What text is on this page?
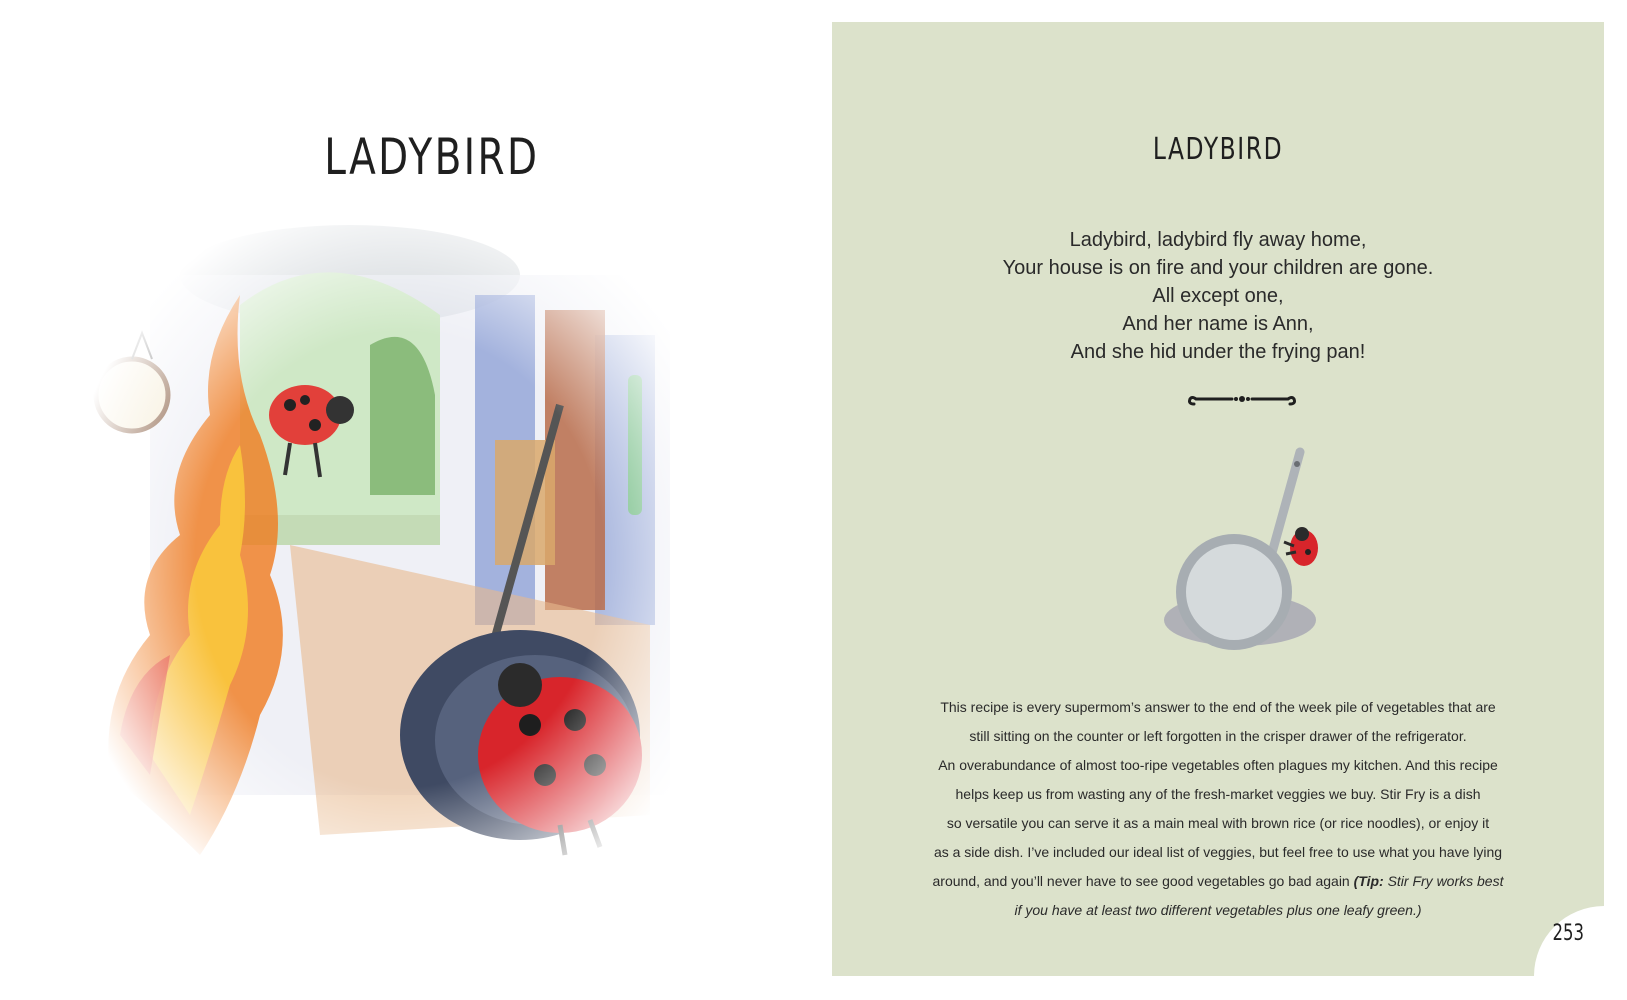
LADYBIRD	LADYBIRD
Ladybird, ladybird fly away home,
Your house is on fire and your children are gone.
All except one,
And her name is Ann,
And she hid under the frying pan!
This recipe is every supermom’s answer to the end of the week pile of vegetables that are
still sitting on the counter or left forgotten in the crisper drawer of the refrigerator.
An overabundance of almost too-ripe vegetables often plagues my kitchen. And this recipe
helps keep us from wasting any of the fresh-market veggies we buy. Stir Fry is a dish
so versatile you can serve it as a main meal with brown rice (or rice noodles), or enjoy it
as a side dish. I’ve included our ideal list of veggies, but feel free to use what you have lying
around, and you’ll never have to see good vegetables go bad again (Tip: Stir Fry works best
if you have at least two different vegetables plus one leafy green.)
253
